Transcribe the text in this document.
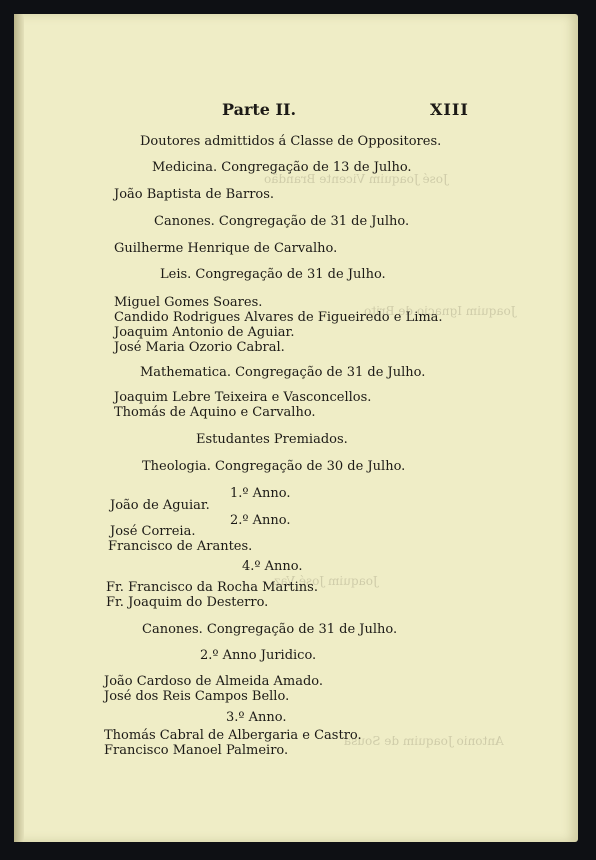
José Joaquim Vicente Brandão
Joaquim Ignacio de Brito
Joaquim José Vaz
Antonio Joaquim de Sousa
Parte II.	XIII
Doutores admittidos á Classe de Oppositores.
Medicina. Congregação de 13 de Julho.
João Baptista de Barros.
Canones. Congregação de 31 de Julho.
Guilherme Henrique de Carvalho.
Leis. Congregação de 31 de Julho.
Miguel Gomes Soares.
Candido Rodrigues Alvares de Figueiredo e Lima.
Joaquim Antonio de Aguiar.
José Maria Ozorio Cabral.
Mathematica. Congregação de 31 de Julho.
Joaquim Lebre Teixeira e Vasconcellos.
Thomás de Aquino e Carvalho.
Estudantes Premiados.
Theologia. Congregação de 30 de Julho.
1.º Anno.
João de Aguiar.
2.º Anno.
José Correia.
Francisco de Arantes.
4.º Anno.
Fr. Francisco da Rocha Martins.
Fr. Joaquim do Desterro.
Canones. Congregação de 31 de Julho.
2.º Anno Juridico.
João Cardoso de Almeida Amado.
José dos Reis Campos Bello.
3.º Anno.
Thomás Cabral de Albergaria e Castro.
Francisco Manoel Palmeiro.
